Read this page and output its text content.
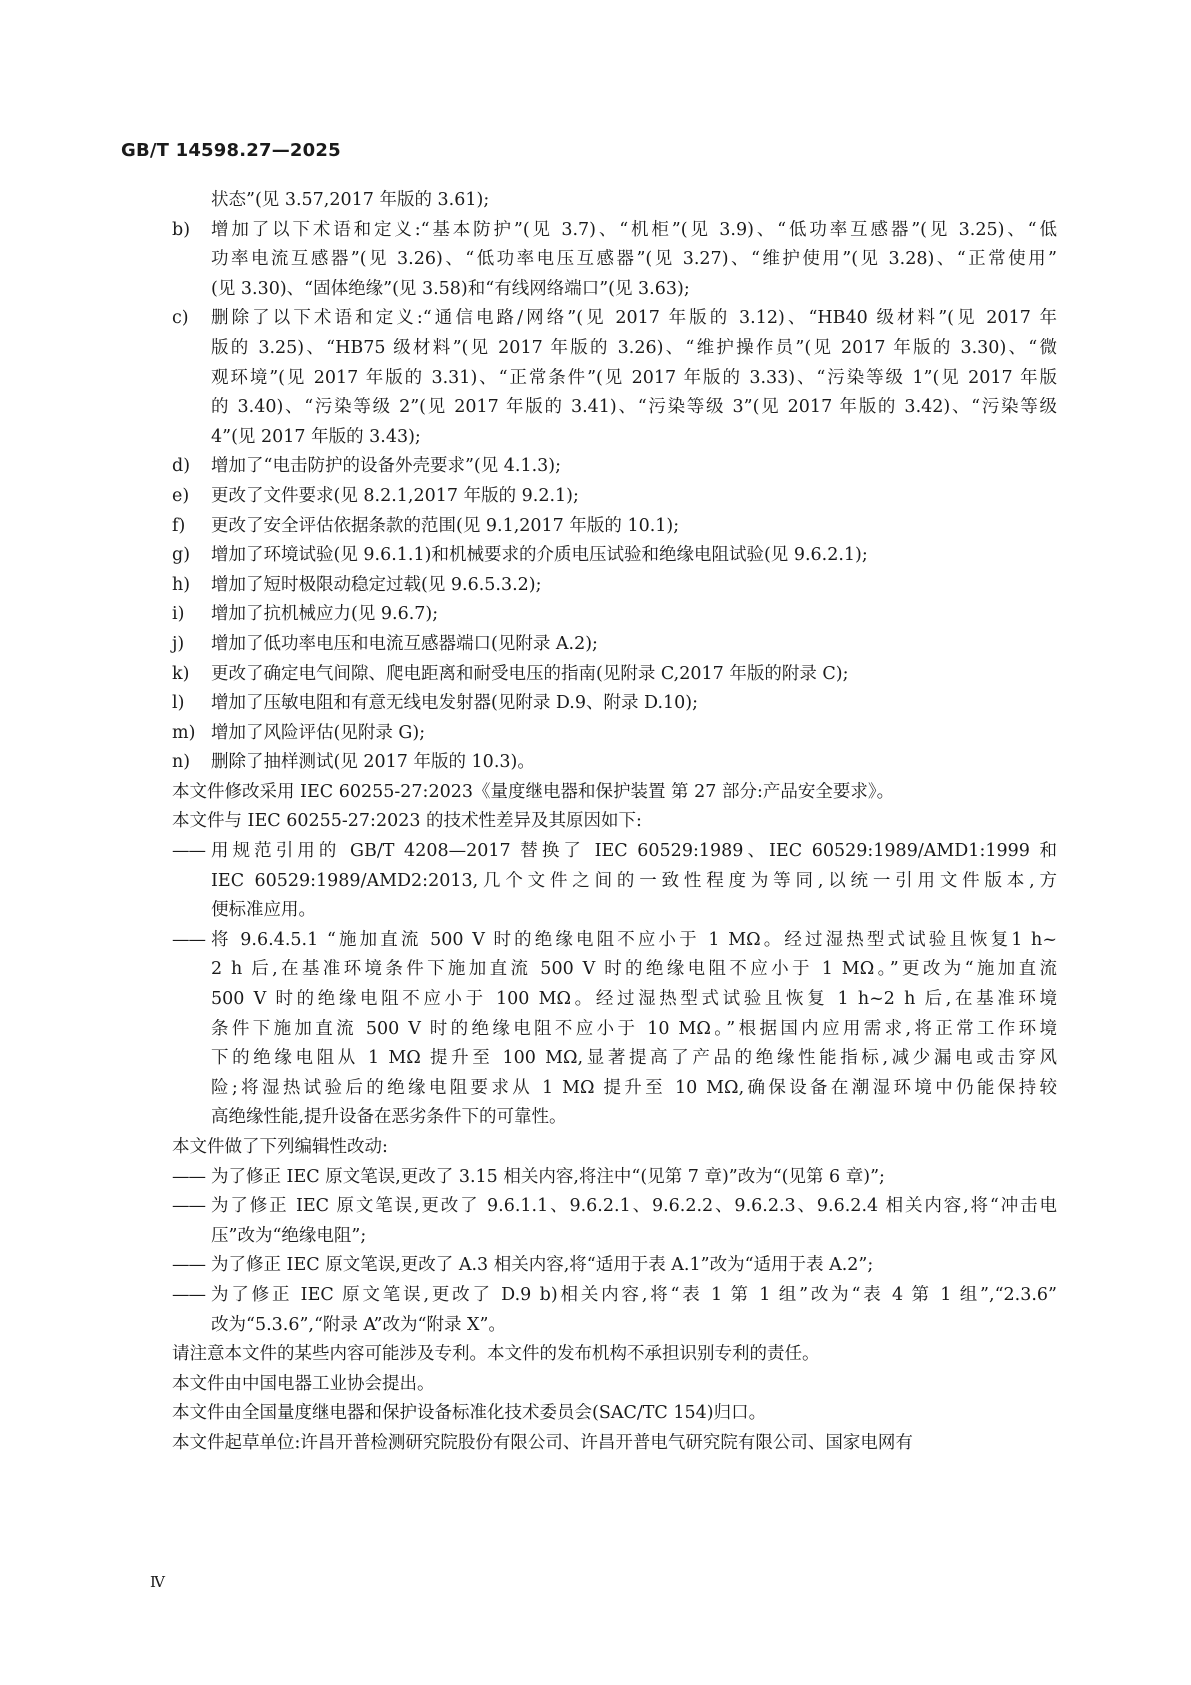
GB/T 14598.27—2025
状态”(见 3.57,2017 年版的 3.61);
b) 增加了以下术语和定义:“基本防护”(见 3.7)、“机柜”(见 3.9)、“低功率互感器”(见 3.25)、“低
功率电流互感器”(见 3.26)、“低功率电压互感器”(见 3.27)、“维护使用”(见 3.28)、“正常使用”
(见 3.30)、“固体绝缘”(见 3.58)和“有线网络端口”(见 3.63);
c) 删除了以下术语和定义:“通信电路/网络”(见 2017 年版的 3.12)、“HB40 级材料”(见 2017 年
版的 3.25)、“HB75 级材料”(见 2017 年版的 3.26)、“维护操作员”(见 2017 年版的 3.30)、“微
观环境”(见 2017 年版的 3.31)、“正常条件”(见 2017 年版的 3.33)、“污染等级 1”(见 2017 年版
的 3.40)、“污染等级 2”(见 2017 年版的 3.41)、“污染等级 3”(见 2017 年版的 3.42)、“污染等级
4”(见 2017 年版的 3.43);
d) 增加了“电击防护的设备外壳要求”(见 4.1.3);
e) 更改了文件要求(见 8.2.1,2017 年版的 9.2.1);
f) 更改了安全评估依据条款的范围(见 9.1,2017 年版的 10.1);
g) 增加了环境试验(见 9.6.1.1)和机械要求的介质电压试验和绝缘电阻试验(见 9.6.2.1);
h) 增加了短时极限动稳定过载(见 9.6.5.3.2);
i) 增加了抗机械应力(见 9.6.7);
j) 增加了低功率电压和电流互感器端口(见附录 A.2);
k) 更改了确定电气间隙、爬电距离和耐受电压的指南(见附录 C,2017 年版的附录 C);
l) 增加了压敏电阻和有意无线电发射器(见附录 D.9、附录 D.10);
m) 增加了风险评估(见附录 G);
n) 删除了抽样测试(见 2017 年版的 10.3)。
本文件修改采用 IEC 60255-27:2023《量度继电器和保护装置 第 27 部分:产品安全要求》。
本文件与 IEC 60255-27:2023 的技术性差异及其原因如下:
—— 用规范引用的 GB/T 4208—2017 替换了 IEC 60529:1989、IEC 60529:1989/AMD1:1999 和
IEC 60529:1989/AMD2:2013,几个文件之间的一致性程度为等同,以统一引用文件版本,方
便标准应用。
—— 将 9.6.4.5.1 “施加直流 500 V 时的绝缘电阻不应小于 1 MΩ。经过湿热型式试验且恢复1 h~
2 h 后,在基准环境条件下施加直流 500 V 时的绝缘电阻不应小于 1 MΩ。”更改为“施加直流
500 V 时的绝缘电阻不应小于 100 MΩ。经过湿热型式试验且恢复 1 h~2 h 后,在基准环境
条件下施加直流 500 V 时的绝缘电阻不应小于 10 MΩ。”根据国内应用需求,将正常工作环境
下的绝缘电阻从 1 MΩ 提升至 100 MΩ,显著提高了产品的绝缘性能指标,减少漏电或击穿风
险;将湿热试验后的绝缘电阻要求从 1 MΩ 提升至 10 MΩ,确保设备在潮湿环境中仍能保持较
高绝缘性能,提升设备在恶劣条件下的可靠性。
本文件做了下列编辑性改动:
—— 为了修正 IEC 原文笔误,更改了 3.15 相关内容,将注中“(见第 7 章)”改为“(见第 6 章)”;
—— 为了修正 IEC 原文笔误,更改了 9.6.1.1、9.6.2.1、9.6.2.2、9.6.2.3、9.6.2.4 相关内容,将“冲击电
压”改为“绝缘电阻”;
—— 为了修正 IEC 原文笔误,更改了 A.3 相关内容,将“适用于表 A.1”改为“适用于表 A.2”;
—— 为了修正 IEC 原文笔误,更改了 D.9 b)相关内容,将“表 1 第 1 组”改为“表 4 第 1 组”,“2.3.6”
改为“5.3.6”,“附录 A”改为“附录 X”。
请注意本文件的某些内容可能涉及专利。本文件的发布机构不承担识别专利的责任。
本文件由中国电器工业协会提出。
本文件由全国量度继电器和保护设备标准化技术委员会(SAC/TC 154)归口。
本文件起草单位:许昌开普检测研究院股份有限公司、许昌开普电气研究院有限公司、国家电网有
Ⅳ
